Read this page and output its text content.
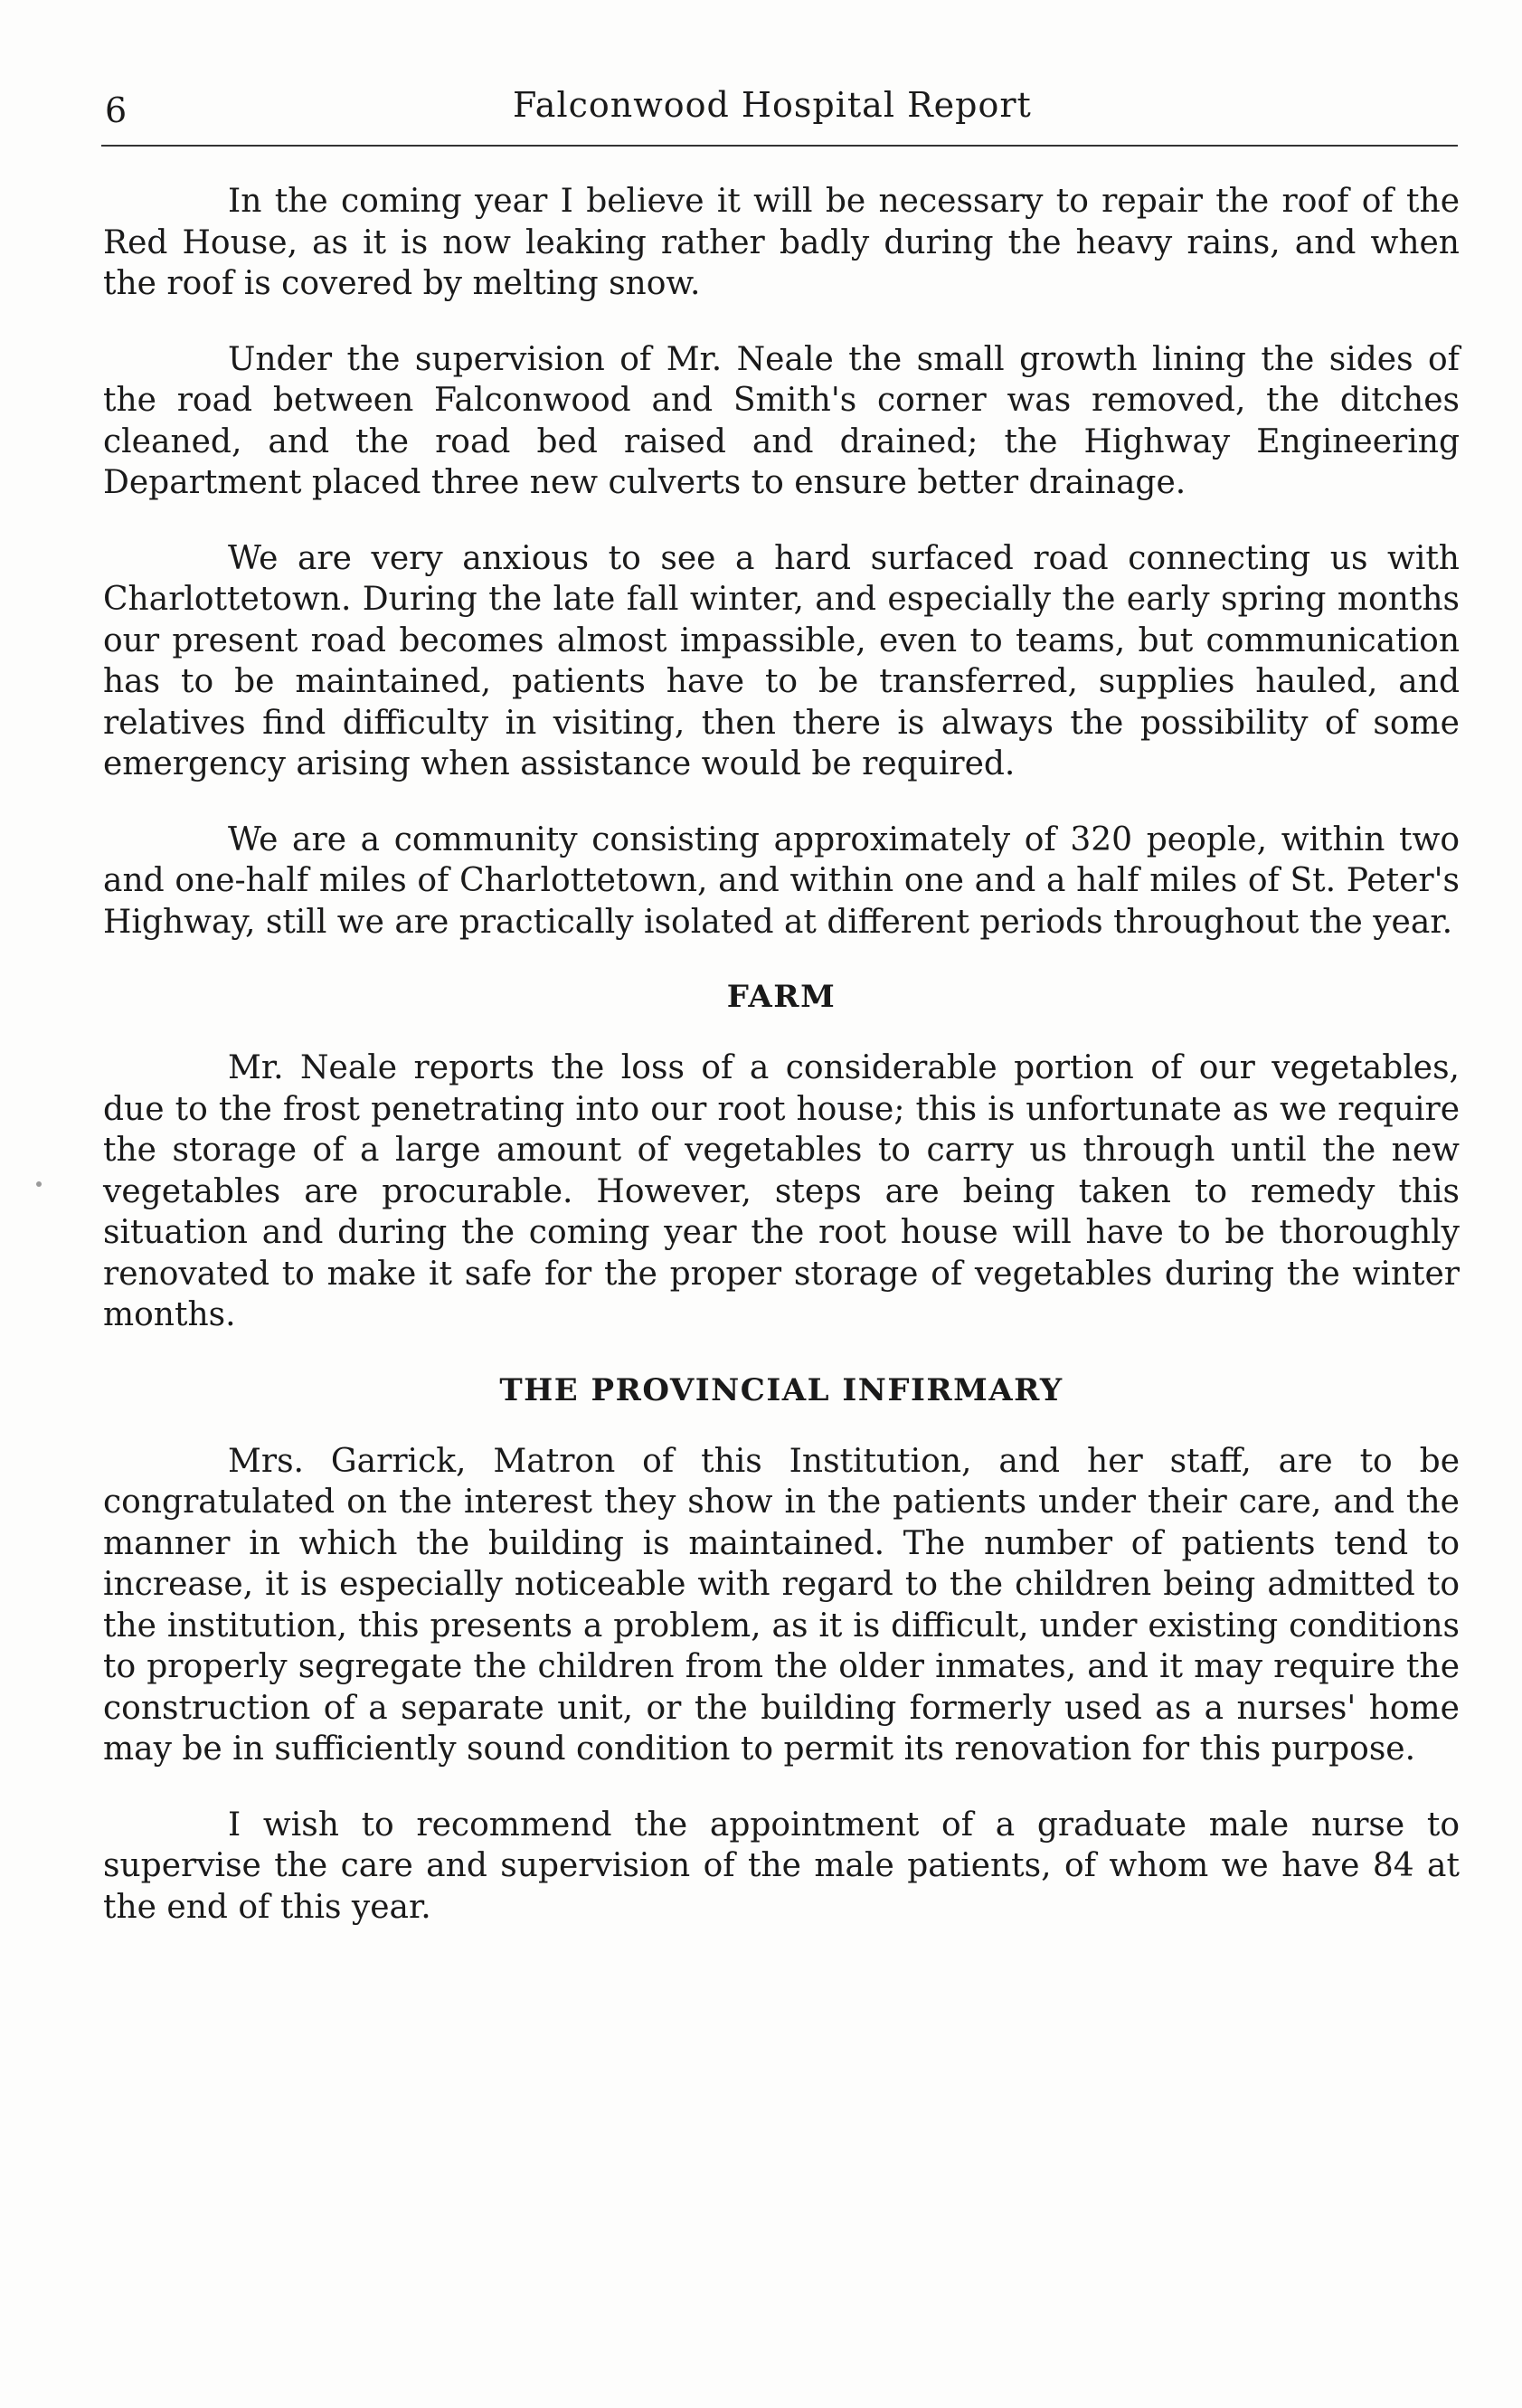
6	Falconwood Hospital Report

In the coming year I believe it will be necessary to repair the roof of the Red House, as it is now leaking rather badly during the heavy rains, and when the roof is covered by melting snow.

Under the supervision of Mr. Neale the small growth lining the sides of the road between Falconwood and Smith's corner was removed, the ditches cleaned, and the road bed raised and drained; the Highway Engineering Department placed three new culverts to ensure better drainage.

We are very anxious to see a hard surfaced road connecting us with Charlottetown. During the late fall winter, and especially the early spring months our present road becomes almost impassible, even to teams, but communication has to be maintained, patients have to be transferred, supplies hauled, and relatives find difficulty in visiting, then there is always the possibility of some emergency arising when assistance would be required.

We are a community consisting approximately of 320 people, within two and one-half miles of Charlottetown, and within one and a half miles of St. Peter's Highway, still we are practically isolated at different periods throughout the year.

FARM

Mr. Neale reports the loss of a considerable portion of our vegetables, due to the frost penetrating into our root house; this is unfortunate as we require the storage of a large amount of vegetables to carry us through until the new vegetables are procurable. However, steps are being taken to remedy this situation and during the coming year the root house will have to be thoroughly renovated to make it safe for the proper storage of vegetables during the winter months.

THE PROVINCIAL INFIRMARY

Mrs. Garrick, Matron of this Institution, and her staff, are to be congratulated on the interest they show in the patients under their care, and the manner in which the building is maintained. The number of patients tend to increase, it is especially noticeable with regard to the children being admitted to the institution, this presents a problem, as it is difficult, under existing conditions to properly segregate the children from the older inmates, and it may require the construction of a separate unit, or the building formerly used as a nurses' home may be in sufficiently sound condition to permit its renovation for this purpose.

I wish to recommend the appointment of a graduate male nurse to supervise the care and supervision of the male patients, of whom we have 84 at the end of this year.
